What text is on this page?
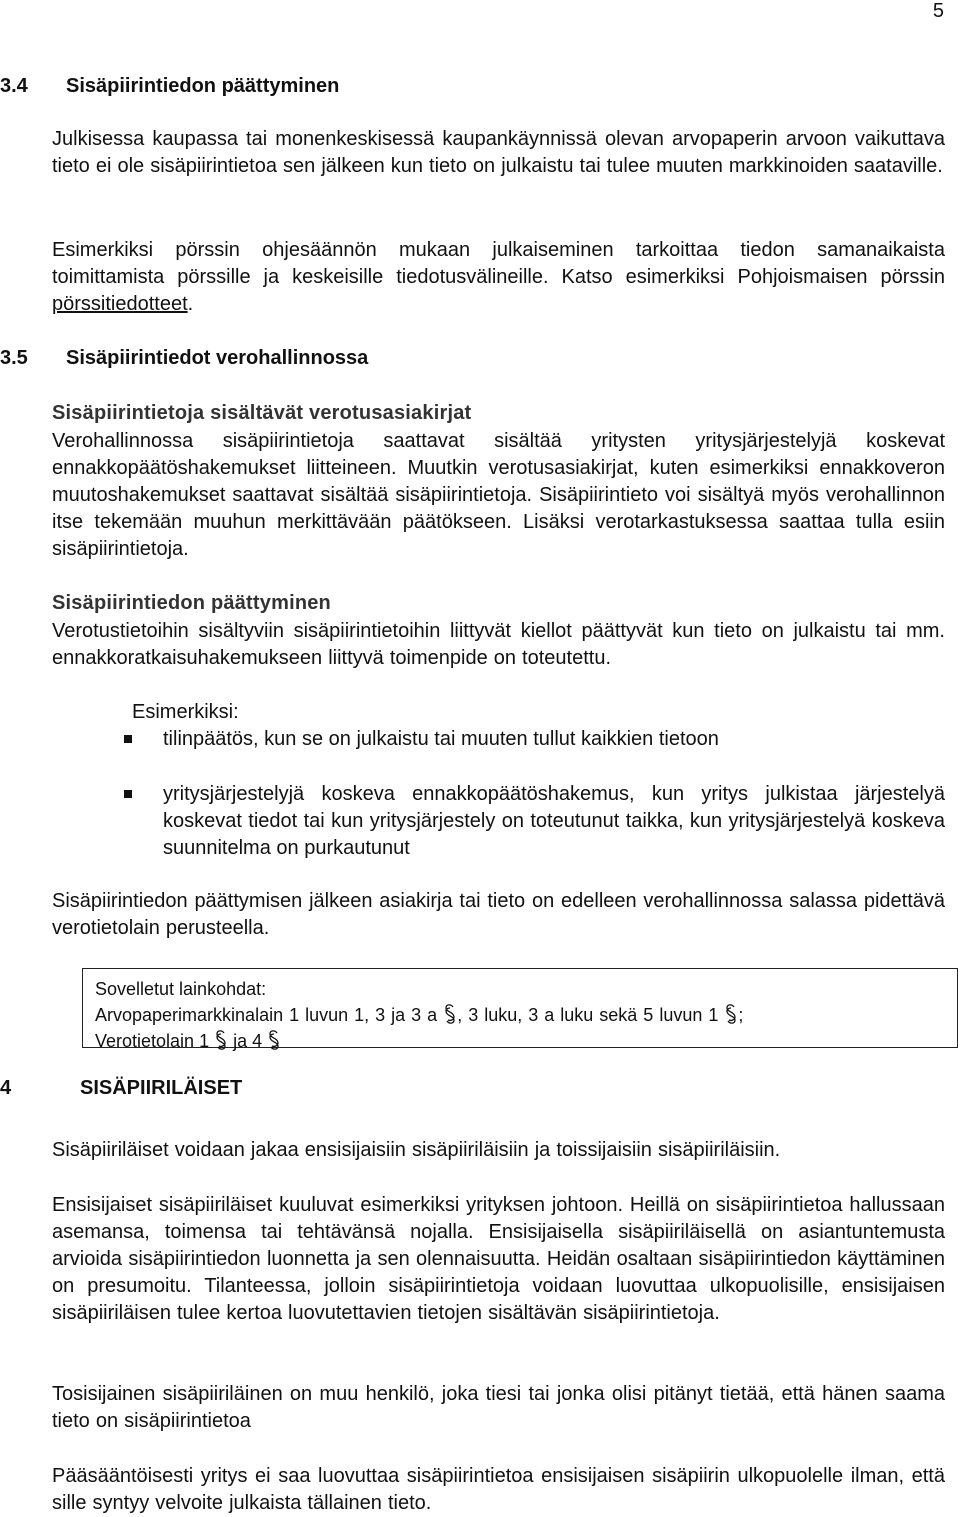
5
3.4 Sisäpiirintiedon päättyminen
Julkisessa kaupassa tai monenkeskisessä kaupankäynnissä olevan arvopaperin arvoon vaikuttava tieto ei ole sisäpiirintietoa sen jälkeen kun tieto on julkaistu tai tulee muuten markkinoiden saataville.
Esimerkiksi pörssin ohjesäännön mukaan julkaiseminen tarkoittaa tiedon samanaikaista toimittamista pörssille ja keskeisille tiedotusvälineille. Katso esimerkiksi Pohjoismaisen pörssin pörssitiedotteet.
3.5 Sisäpiirintiedot verohallinnossa
Sisäpiirintietoja sisältävät verotusasiakirjat
Verohallinnossa sisäpiirintietoja saattavat sisältää yritysten yritysjärjestelyjä koskevat ennakkopäätöshakemukset liitteineen. Muutkin verotusasiakirjat, kuten esimerkiksi ennakkoveron muutoshakemukset saattavat sisältää sisäpiirintietoja. Sisäpiirintieto voi sisältyä myös verohallinnon itse tekemään muuhun merkittävään päätökseen. Lisäksi verotarkastuksessa saattaa tulla esiin sisäpiirintietoja.
Sisäpiirintiedon päättyminen
Verotustietoihin sisältyviin sisäpiirintietoihin liittyvät kiellot päättyvät kun tieto on julkaistu tai mm. ennakkoratkaisuhakemukseen liittyvä toimenpide on toteutettu.
Esimerkiksi:
tilinpäätös, kun se on julkaistu tai muuten tullut kaikkien tietoon
yritysjärjestelyjä koskeva ennakkopäätöshakemus, kun yritys julkistaa järjestelyä koskevat tiedot tai kun yritysjärjestely on toteutunut taikka, kun yritysjärjestelyä koskeva suunnitelma on purkautunut
Sisäpiirintiedon päättymisen jälkeen asiakirja tai tieto on edelleen verohallinnossa salassa pidettävä verotietolain perusteella.
Sovelletut lainkohdat:
Arvopaperimarkkinalain 1 luvun 1, 3 ja 3 a
, 3 luku, 3 a luku sekä 5 luvun 1
;
Verotietolain 1
ja 4
4	SISÄPIIRILÄISET
Sisäpiiriläiset voidaan jakaa ensisijaisiin sisäpiiriläisiin ja toissijaisiin sisäpiiriläisiin.
Ensisijaiset sisäpiiriläiset kuuluvat esimerkiksi yrityksen johtoon. Heillä on sisäpiirintietoa hallussaan asemansa, toimensa tai tehtävänsä nojalla. Ensisijaisella sisäpiiriläisellä on asiantuntemusta arvioida sisäpiirintiedon luonnetta ja sen olennaisuutta. Heidän osaltaan sisäpiirintiedon käyttäminen on presumoitu. Tilanteessa, jolloin sisäpiirintietoja voidaan luovuttaa ulkopuolisille, ensisijaisen sisäpiiriläisen tulee kertoa luovutettavien tietojen sisältävän sisäpiirintietoja.
Tosisijainen sisäpiiriläinen on muu henkilö, joka tiesi tai jonka olisi pitänyt tietää, että hänen saama tieto on sisäpiirintietoa
Pääsääntöisesti yritys ei saa luovuttaa sisäpiirintietoa ensisijaisen sisäpiirin ulkopuolelle ilman, että sille syntyy velvoite julkaista tällainen tieto.
